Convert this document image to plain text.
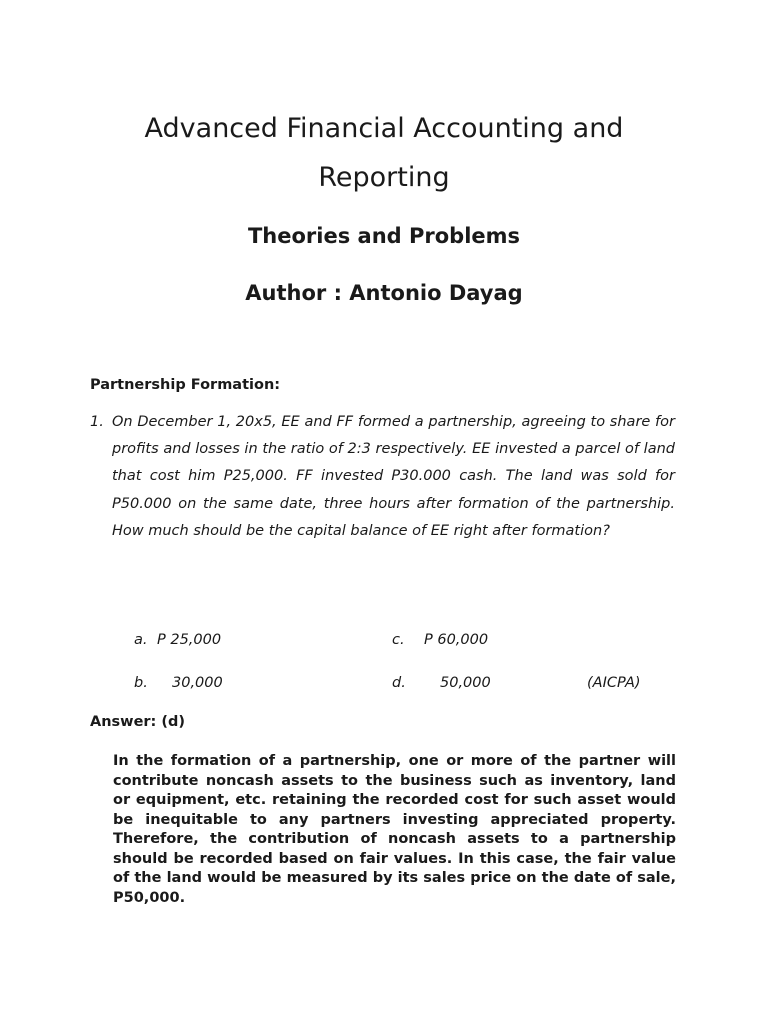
Advanced Financial Accounting and Reporting
Theories and Problems
Author : Antonio Dayag
Partnership Formation:
1. On December 1, 20x5, EE and FF formed a partnership, agreeing to share for profits and losses in the ratio of 2:3 respectively. EE invested a parcel of land that cost him P25,000. FF invested P30.000 cash. The land was sold for P50.000 on the same date, three hours after formation of the partnership. How much should be the capital balance of EE right after formation?
a. P 25,000	c. P 60,000
b. 30,000	d. 50,000	(AICPA)
Answer: (d)

In the formation of a partnership, one or more of the partner will contribute noncash assets to the business such as inventory, land or equipment, etc. retaining the recorded cost for such asset would be inequitable to any partners investing appreciated property. Therefore, the contribution of noncash assets to a partnership should be recorded based on fair values. In this case, the fair value of the land would be measured by its sales price on the date of sale, P50,000.
